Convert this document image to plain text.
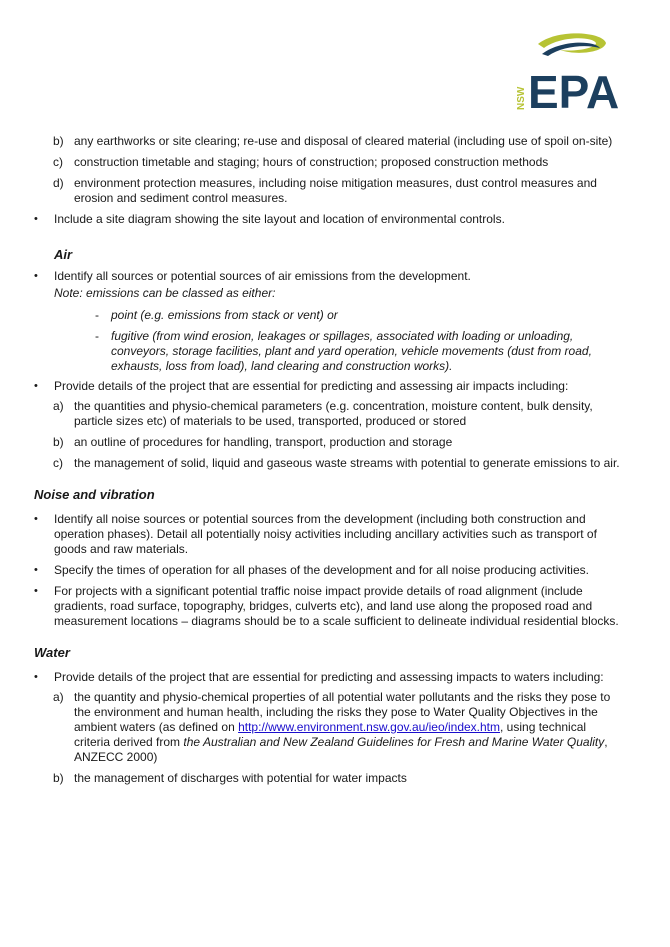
NSW EPA
b) any earthworks or site clearing; re-use and disposal of cleared material (including use of spoil on-site)
c) construction timetable and staging; hours of construction; proposed construction methods
d) environment protection measures, including noise mitigation measures, dust control measures and erosion and sediment control measures.
• Include a site diagram showing the site layout and location of environmental controls.
Air
• Identify all sources or potential sources of air emissions from the development.
Note: emissions can be classed as either:
- point (e.g. emissions from stack or vent) or
- fugitive (from wind erosion, leakages or spillages, associated with loading or unloading, conveyors, storage facilities, plant and yard operation, vehicle movements (dust from road, exhausts, loss from load), land clearing and construction works).
• Provide details of the project that are essential for predicting and assessing air impacts including:
a) the quantities and physio-chemical parameters (e.g. concentration, moisture content, bulk density, particle sizes etc) of materials to be used, transported, produced or stored
b) an outline of procedures for handling, transport, production and storage
c) the management of solid, liquid and gaseous waste streams with potential to generate emissions to air.
Noise and vibration
• Identify all noise sources or potential sources from the development (including both construction and operation phases). Detail all potentially noisy activities including ancillary activities such as transport of goods and raw materials.
• Specify the times of operation for all phases of the development and for all noise producing activities.
• For projects with a significant potential traffic noise impact provide details of road alignment (include gradients, road surface, topography, bridges, culverts etc), and land use along the proposed road and measurement locations – diagrams should be to a scale sufficient to delineate individual residential blocks.
Water
• Provide details of the project that are essential for predicting and assessing impacts to waters including:
a) the quantity and physio-chemical properties of all potential water pollutants and the risks they pose to the environment and human health, including the risks they pose to Water Quality Objectives in the ambient waters (as defined on http://www.environment.nsw.gov.au/ieo/index.htm, using technical criteria derived from the Australian and New Zealand Guidelines for Fresh and Marine Water Quality, ANZECC 2000)
b) the management of discharges with potential for water impacts
